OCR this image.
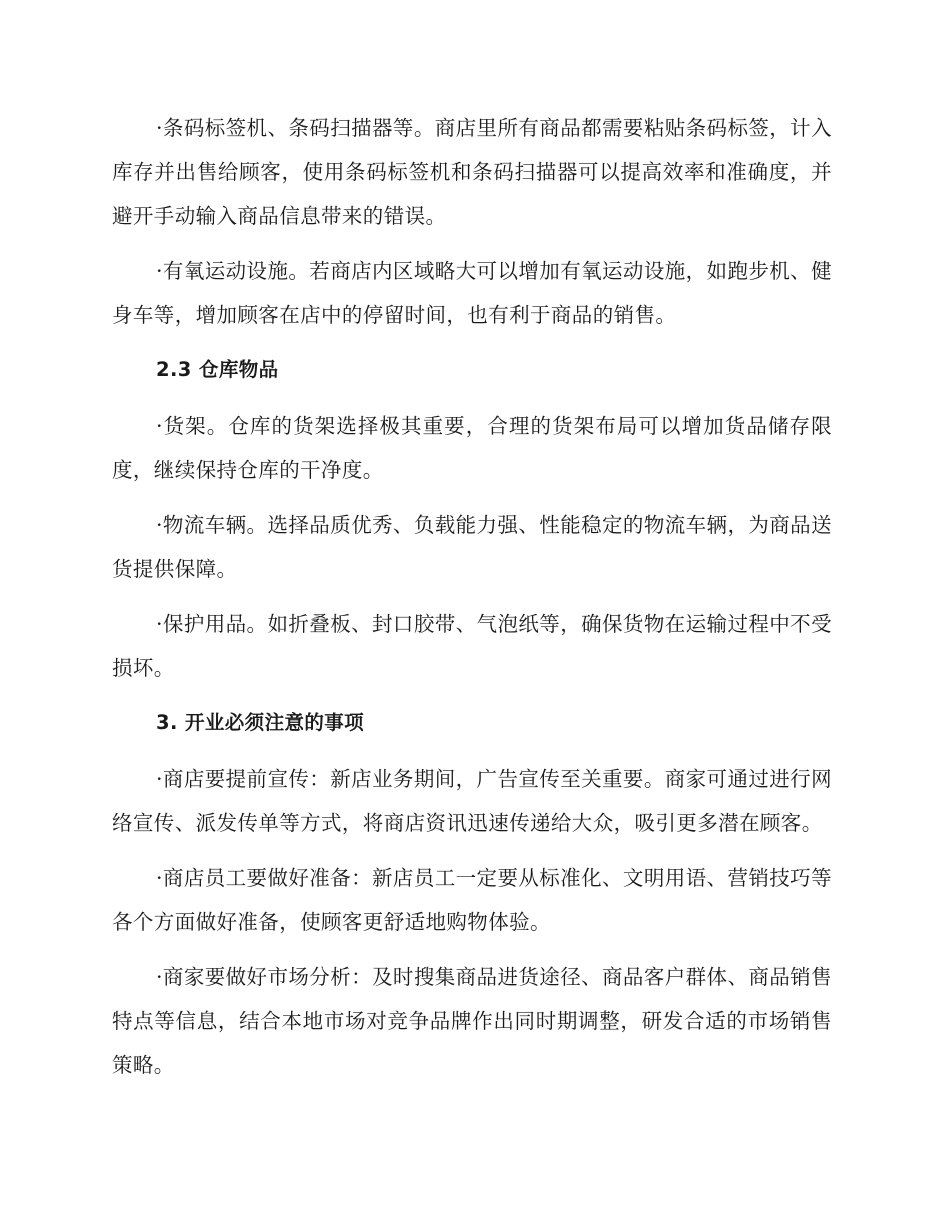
·条码标签机、条码扫描器等。商店里所有商品都需要粘贴条码标签，计入库存并出售给顾客，使用条码标签机和条码扫描器可以提高效率和准确度，并避开手动输入商品信息带来的错误。

·有氧运动设施。若商店内区域略大可以增加有氧运动设施，如跑步机、健身车等，增加顾客在店中的停留时间，也有利于商品的销售。

2.3 仓库物品

·货架。仓库的货架选择极其重要，合理的货架布局可以增加货品储存限度，继续保持仓库的干净度。

·物流车辆。选择品质优秀、负载能力强、性能稳定的物流车辆，为商品送货提供保障。

·保护用品。如折叠板、封口胶带、气泡纸等，确保货物在运输过程中不受损坏。

3. 开业必须注意的事项

·商店要提前宣传：新店业务期间，广告宣传至关重要。商家可通过进行网络宣传、派发传单等方式，将商店资讯迅速传递给大众，吸引更多潜在顾客。

·商店员工要做好准备：新店员工一定要从标准化、文明用语、营销技巧等各个方面做好准备，使顾客更舒适地购物体验。

·商家要做好市场分析：及时搜集商品进货途径、商品客户群体、商品销售特点等信息，结合本地市场对竞争品牌作出同时期调整，研发合适的市场销售策略。
